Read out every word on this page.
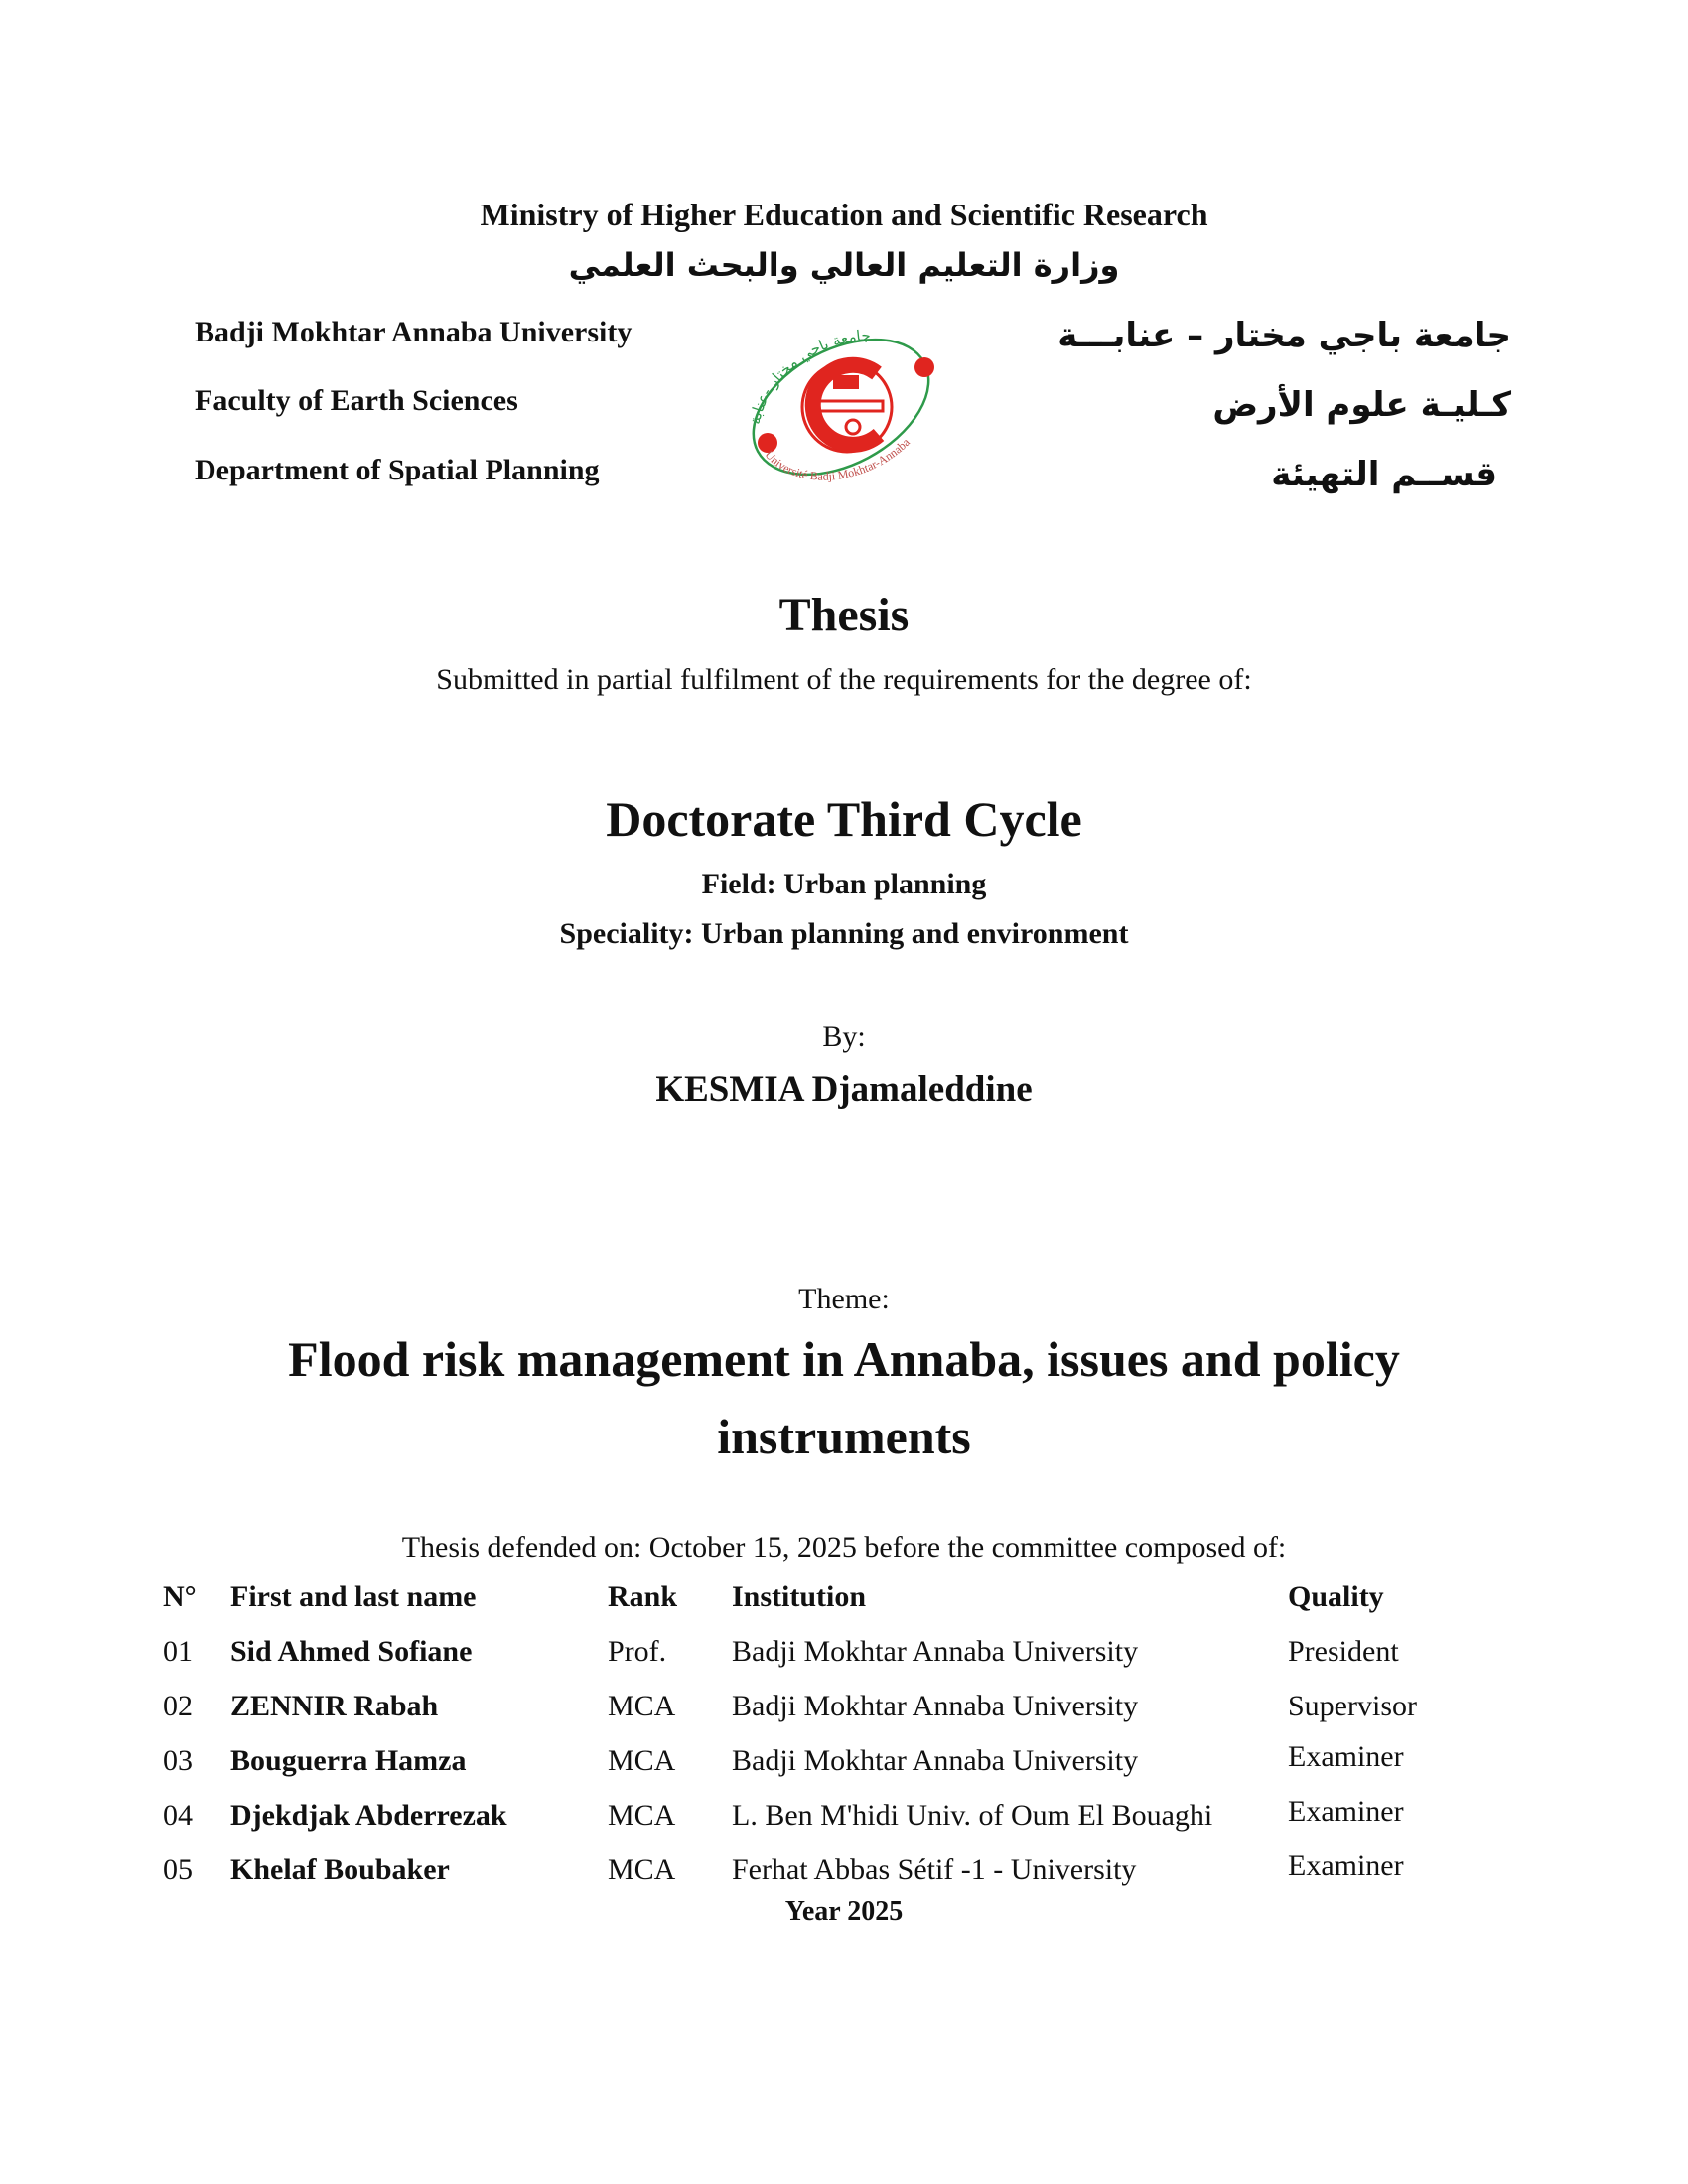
Ministry of Higher Education and Scientific Research
وزارة التعليم العالي والبحث العلمي
Badji Mokhtar Annaba University
Faculty of Earth Sciences
Department of Spatial Planning
جامعة باجي مختار -عنابة
Université Badji Mokhtar-Annaba
جامعة باجي مختار – عنابـــة
كـليـة علوم الأرض
قســم التهيئة
Thesis
Submitted in partial fulfilment of the requirements for the degree of:
Doctorate Third Cycle
Field: Urban planning
Speciality: Urban planning and environment
By:
KESMIA Djamaleddine
Theme:
Flood risk management in Annaba, issues and policy
instruments
Thesis defended on: October 15, 2025 before the committee composed of:
N° First and last name	Rank Institution	Quality
01 Sid Ahmed Sofiane	Prof. Badji Mokhtar Annaba University	President
02 ZENNIR Rabah	MCA Badji Mokhtar Annaba University	Supervisor
03 Bouguerra Hamza	MCA Badji Mokhtar Annaba University	Examiner
04 Djekdjak Abderrezak	MCA L. Ben M'hidi Univ. of Oum El Bouaghi	Examiner
05 Khelaf Boubaker	MCA Ferhat Abbas Sétif -1 - University	Examiner
Year 2025
